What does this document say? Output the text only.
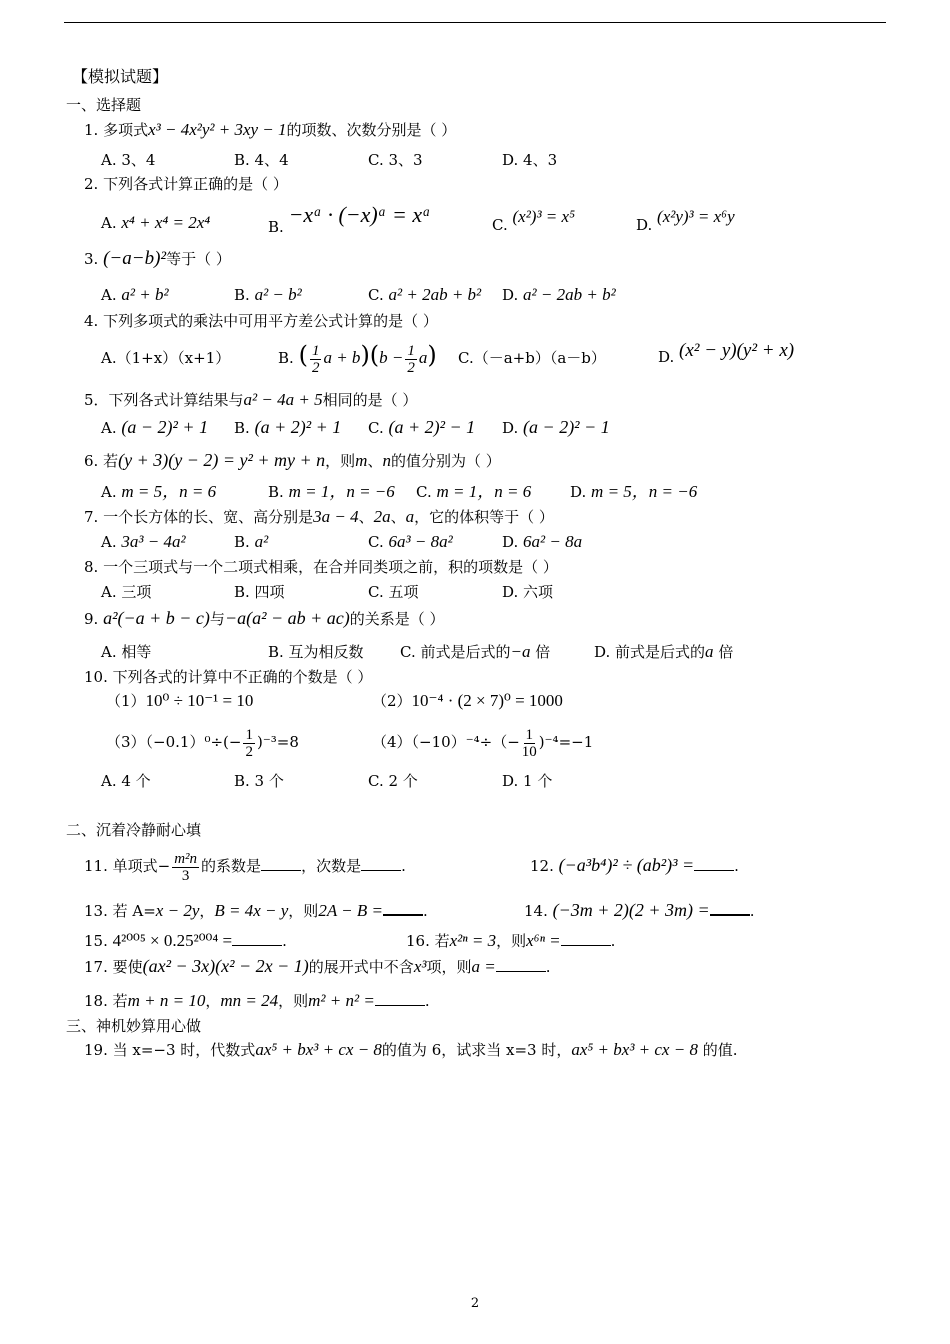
【模拟试题】
一、选择题
1. 多项式x³ − 4x²y² + 3xy − 1的项数、次数分别是（ ）
A. 3、4	B. 4、4	C. 3、3	D. 4、3
2. 下列各式计算正确的是（ ）
A. x⁴ + x⁴ = 2x⁴	B. −xᵃ · (−x)ᵃ = xᵃ	C. (x²)³ = x⁵	D. (x²y)³ = x⁶y
3. (−a−b)²等于（ ）
A. a² + b²	B. a² − b²	C. a² + 2ab + b² D. a² − 2ab + b²
4. 下列多项式的乘法中可用平方差公式计算的是（ ）
A.（1+x）（x+1）	B. ( $\frac{1}{2}$ $a + b)(b - \frac{1}{2} a)$ C.（－a+b）（a－b）	D. (x² − y)(y² + x)
5．下列各式计算结果与a² − 4a + 5相同的是（ ）
A. (a − 2)² + 1 B. (a + 2)² + 1 C. (a + 2)² − 1 D. (a − 2)² − 1
6. 若(y + 3)(y − 2) = y² + my + n，则m、n的值分别为（ ）
A. m = 5，n = 6	B. m = 1，n = −6 C. m = 1，n = 6	D. m = 5，n = −6
7. 一个长方体的长、宽、高分别是3a − 4、2a、a，它的体积等于（ ）
A. 3a³ − 4a²	B. a²	C. 6a³ − 8a²	D. 6a² − 8a
8. 一个三项式与一个二项式相乘，在合并同类项之前，积的项数是（ ）
A. 三项	B. 四项	C. 五项	D. 六项
9. a²(−a + b − c)与−a(a² − ab + ac)的关系是（ ）
A. 相等	B. 互为相反数 C. 前式是后式的−a 倍	D. 前式是后式的a 倍
10. 下列各式的计算中不正确的个数是（ ）
（1）10⁰ ÷ 10⁻¹ = 10	（2）10⁻⁴ · (2 × 7)⁰ = 1000
$(3)(-0.1)^0\div(- \frac{1}{2} )^{-3}=8$	$(4)(-10)^{-4}\div(- \frac{1}{10} )^{-4}=-1$
A. 4 个	B. 3 个	C. 2 个	D. 1 个
二、沉着冷静耐心填
11. 单项式− $\frac{\text{m²n}}{3}$ 的系数是	，次数是	.	12. (−a³b⁴)² ÷ (ab²)³ =	.
13. 若 A=x − 2y，B = 4x − y，则2A − B =	.	14. (−3m + 2)(2 + 3m) =	.
15. 4²⁰⁰⁵ × 0.25²⁰⁰⁴ =	.	16. 若x²ⁿ = 3，则x⁶ⁿ =	.
17. 要使(ax² − 3x)(x² − 2x − 1)的展开式中不含x³项，则a =	.
18. 若m + n = 10，mn = 24，则m² + n² =	.
三、神机妙算用心做
19. 当 x=−3 时，代数式ax⁵ + bx³ + cx − 8的值为 6，试求当 x=3 时，ax⁵ + bx³ + cx − 8 的值.
2
